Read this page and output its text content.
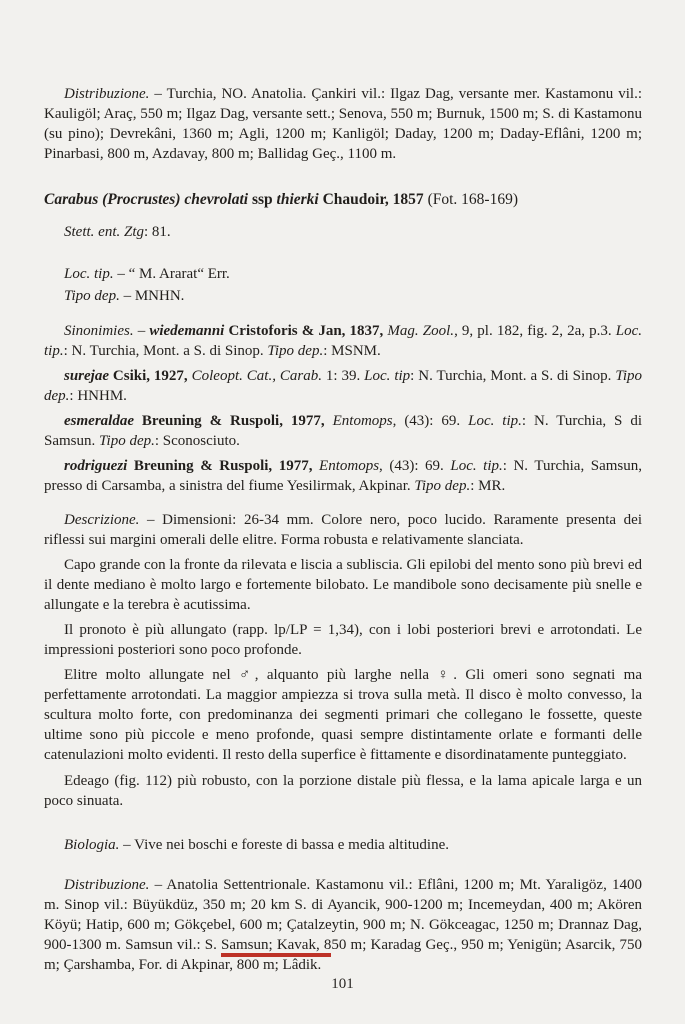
Distribuzione. – Turchia, NO. Anatolia. Çankiri vil.: Ilgaz Dag, versante mer. Kastamonu vil.: Kauligöl; Araç, 550 m; Ilgaz Dag, versante sett.; Senova, 550 m; Burnuk, 1500 m; S. di Kastamonu (su pino); Devrekâni, 1360 m; Agli, 1200 m; Kanligöl; Daday, 1200 m; Daday-Eflâni, 1200 m; Pinarbasi, 800 m, Azdavay, 800 m; Ballidag Geç., 1100 m.

Carabus (Procrustes) chevrolati ssp thierki Chaudoir, 1857 (Fot. 168-169)

Stett. ent. Ztg: 81.

Loc. tip. – “ M. Ararat“ Err.

Tipo dep. – MNHN.

Sinonimies. – wiedemanni Cristoforis & Jan, 1837, Mag. Zool., 9, pl. 182, fig. 2, 2a, p.3. Loc. tip.: N. Turchia, Mont. a S. di Sinop. Tipo dep.: MSNM.

surejae Csiki, 1927, Coleopt. Cat., Carab. 1: 39. Loc. tip: N. Turchia, Mont. a S. di Sinop. Tipo dep.: HNHM.

esmeraldae Breuning & Ruspoli, 1977, Entomops, (43): 69. Loc. tip.: N. Turchia, S di Samsun. Tipo dep.: Sconosciuto.

rodriguezi Breuning & Ruspoli, 1977, Entomops, (43): 69. Loc. tip.: N. Turchia, Samsun, presso di Carsamba, a sinistra del fiume Yesilirmak, Akpinar. Tipo dep.: MR.

Descrizione. – Dimensioni: 26-34 mm. Colore nero, poco lucido. Raramente presenta dei riflessi sui margini omerali delle elitre. Forma robusta e relativamente slanciata.

Capo grande con la fronte da rilevata e liscia a subliscia. Gli epilobi del mento sono più brevi ed il dente mediano è molto largo e fortemente bilobato. Le mandibole sono decisamente più snelle e allungate e la terebra è acutissima.

Il pronoto è più allungato (rapp. lp/LP = 1,34), con i lobi posteriori brevi e arrotondati. Le impressioni posteriori sono poco profonde.

Elitre molto allungate nel ♂, alquanto più larghe nella ♀. Gli omeri sono segnati ma perfettamente arrotondati. La maggior ampiezza si trova sulla metà. Il disco è molto convesso, la scultura molto forte, con predominanza dei segmenti primari che collegano le fossette, queste ultime sono più piccole e meno profonde, quasi sempre distintamente orlate e formanti delle catenulazioni molto evidenti. Il resto della superfice è fittamente e disordinatamente punteggiato.

Edeago (fig. 112) più robusto, con la porzione distale più flessa, e la lama apicale larga e un poco sinuata.

Biologia. – Vive nei boschi e foreste di bassa e media altitudine.

Distribuzione. – Anatolia Settentrionale. Kastamonu vil.: Eflâni, 1200 m; Mt. Yaraligöz, 1400 m. Sinop vil.: Büyükdüz, 350 m; 20 km S. di Ayancik, 900-1200 m; Incemeydan, 400 m; Akören Köyü; Hatip, 600 m; Gökçebel, 600 m; Çatalzeytin, 900 m; N. Gökceagac, 1250 m; Drannaz Dag, 900-1300 m. Samsun vil.: S. Samsun; Kavak, 850 m; Karadag Geç., 950 m; Yenigün; Asarcik, 750 m; Çarshamba, For. di Akpinar, 800 m; Lâdik.

101
